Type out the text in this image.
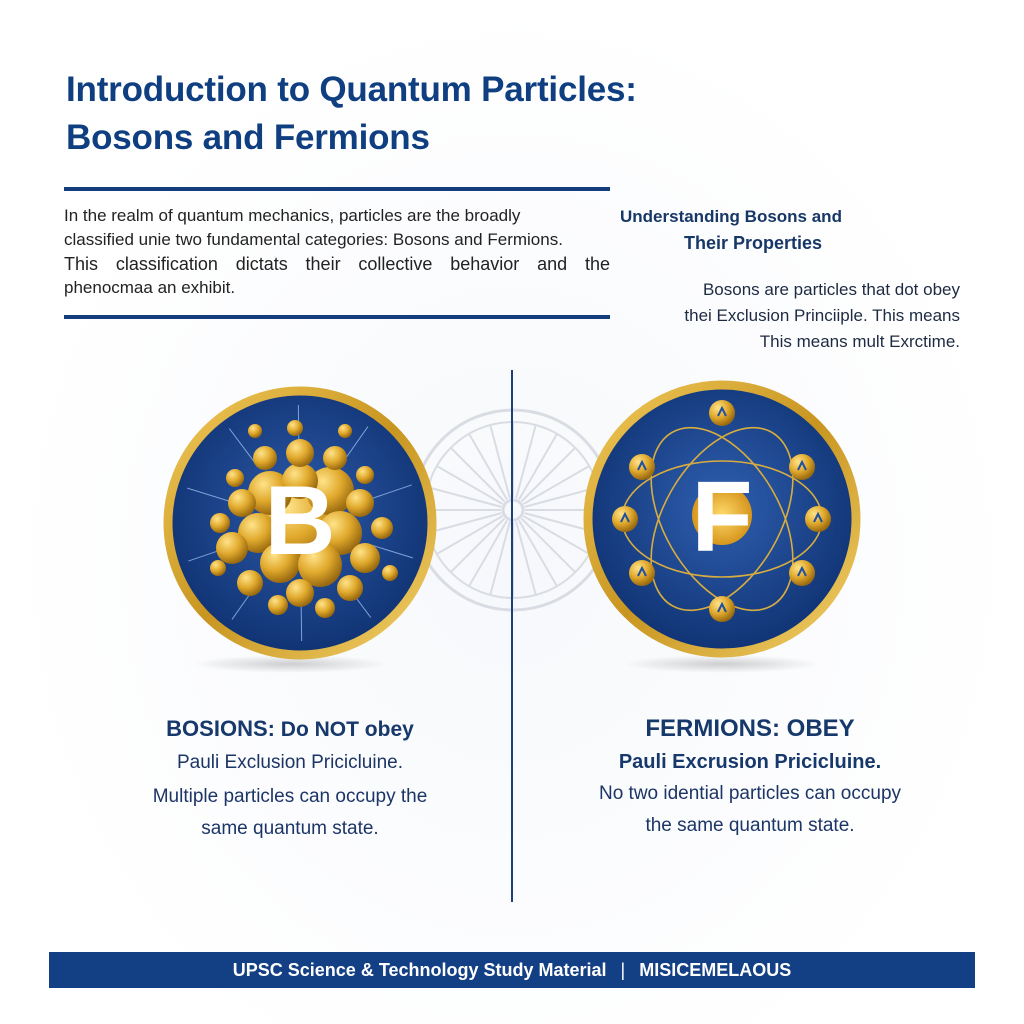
Introduction to Quantum Particles:
Bosons and Fermions
In the realm of quantum mechanics, particles are the broadly
classified unie two fundamental categories: Bosons and Fermions.
This classification dictats their collective behavior and the
phenocmaa an exhibit.
Understanding Bosons and
Their Properties
Bosons are particles that dot obey
thei Exclusion Princiiple. This means
This means mult Exrctime.
B	F
BOSIONS: Do NOT obey
Pauli Exclusion Pricicluine.
Multiple particles can occupy the
same quantum state.
FERMIONS: OBEY
Pauli Excrusion Pricicluine.
No two idential particles can occupy
the same quantum state.
UPSC Science & Technology Study Material | MISICEMELAOUS
